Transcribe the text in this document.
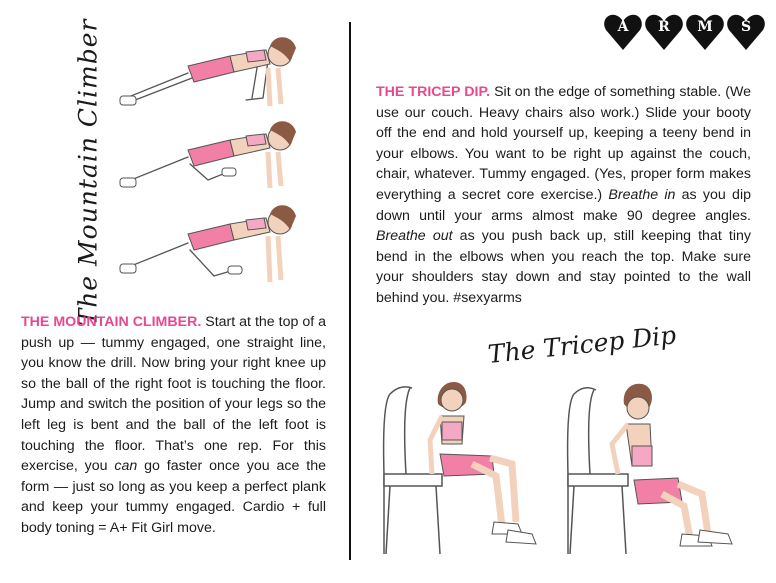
A	R	M	S
The Mountain Climber
THE MOUNTAIN CLIMBER. Start at the top of a push up — tummy engaged, one straight line, you know the drill. Now bring your right knee up so the ball of the right foot is touching the floor. Jump and switch the position of your legs so the left leg is bent and the ball of the left foot is touching the floor. That’s one rep. For this exercise, you can go faster once you ace the form — just so long as you keep a perfect plank and keep your tummy engaged. Cardio + full body toning = A+ Fit Girl move.
THE TRICEP DIP. Sit on the edge of something stable. (We use our couch. Heavy chairs also work.) Slide your booty off the end and hold yourself up, keeping a teeny bend in your elbows. You want to be right up against the couch, chair, whatever. Tummy engaged. (Yes, proper form makes everything a secret core exercise.) Breathe in as you dip down until your arms almost make 90 degree angles. Breathe out as you push back up, still keeping that tiny bend in the elbows when you reach the top. Make sure your shoulders stay down and stay pointed to the wall behind you. #sexyarms
The Tricep Dip
